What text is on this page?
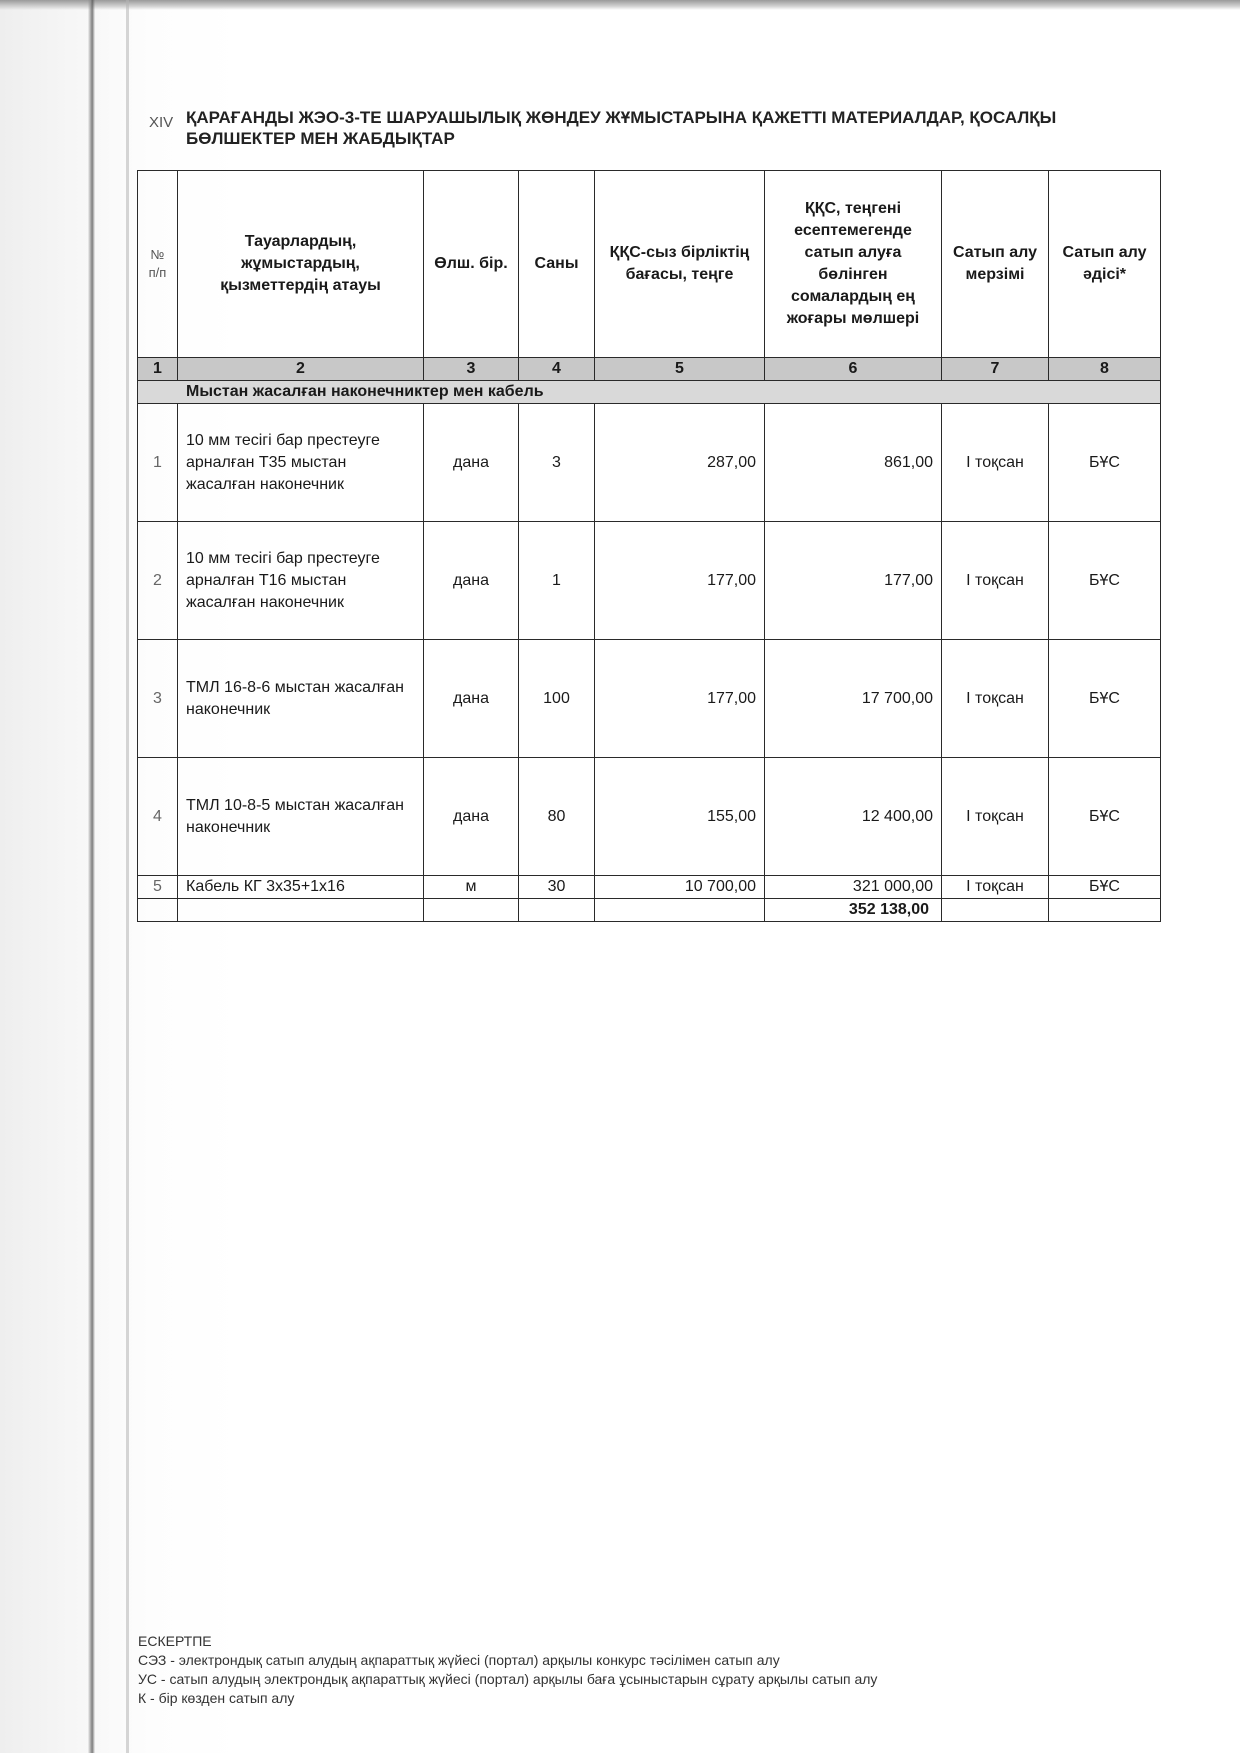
XIV ҚАРАҒАНДЫ ЖЭО-3-ТЕ ШАРУАШЫЛЫҚ ЖӨНДЕУ ЖҰМЫСТАРЫНА ҚАЖЕТТІ МАТЕРИАЛДАР, ҚОСАЛҚЫ БӨЛШЕКТЕР МЕН ЖАБДЫҚТАР
№ п/п	Тауарлардың, жұмыстардың, қызметтердің атауы	Өлш. бір.	Саны	ҚҚС-сыз бірліктің бағасы, теңге	ҚҚС, теңгені есептемегенде сатып алуға бөлінген сомалардың ең жоғары мөлшері	Сатып алу мерзімі	Сатып алу әдісі*
1	2	3	4	5	6	7	8
Мыстан жасалған наконечниктер мен кабель							
1	10 мм тесігі бар престеуге арналған Т35 мыстан жасалған наконечник	дана	3	287,00	861,00	І тоқсан	БҰС
2	10 мм тесігі бар престеуге арналған Т16 мыстан жасалған наконечник	дана	1	177,00	177,00	І тоқсан	БҰС
3	ТМЛ 16-8-6 мыстан жасалған наконечник	дана	100	177,00	17 700,00	І тоқсан	БҰС
4	ТМЛ 10-8-5 мыстан жасалған наконечник	дана	80	155,00	12 400,00	І тоқсан	БҰС
5	Кабель КГ 3х35+1х16	м	30	10 700,00	321 000,00	І тоқсан	БҰС
					352 138,00		
ЕСКЕРТПЕ
СЭЗ - электрондық сатып алудың ақпараттық жүйесі (портал) арқылы конкурс тәсілімен сатып алу
УС - сатып алудың электрондық ақпараттық жүйесі (портал) арқылы баға ұсыныстарын сұрату арқылы сатып алу
К - бір көзден сатып алу
